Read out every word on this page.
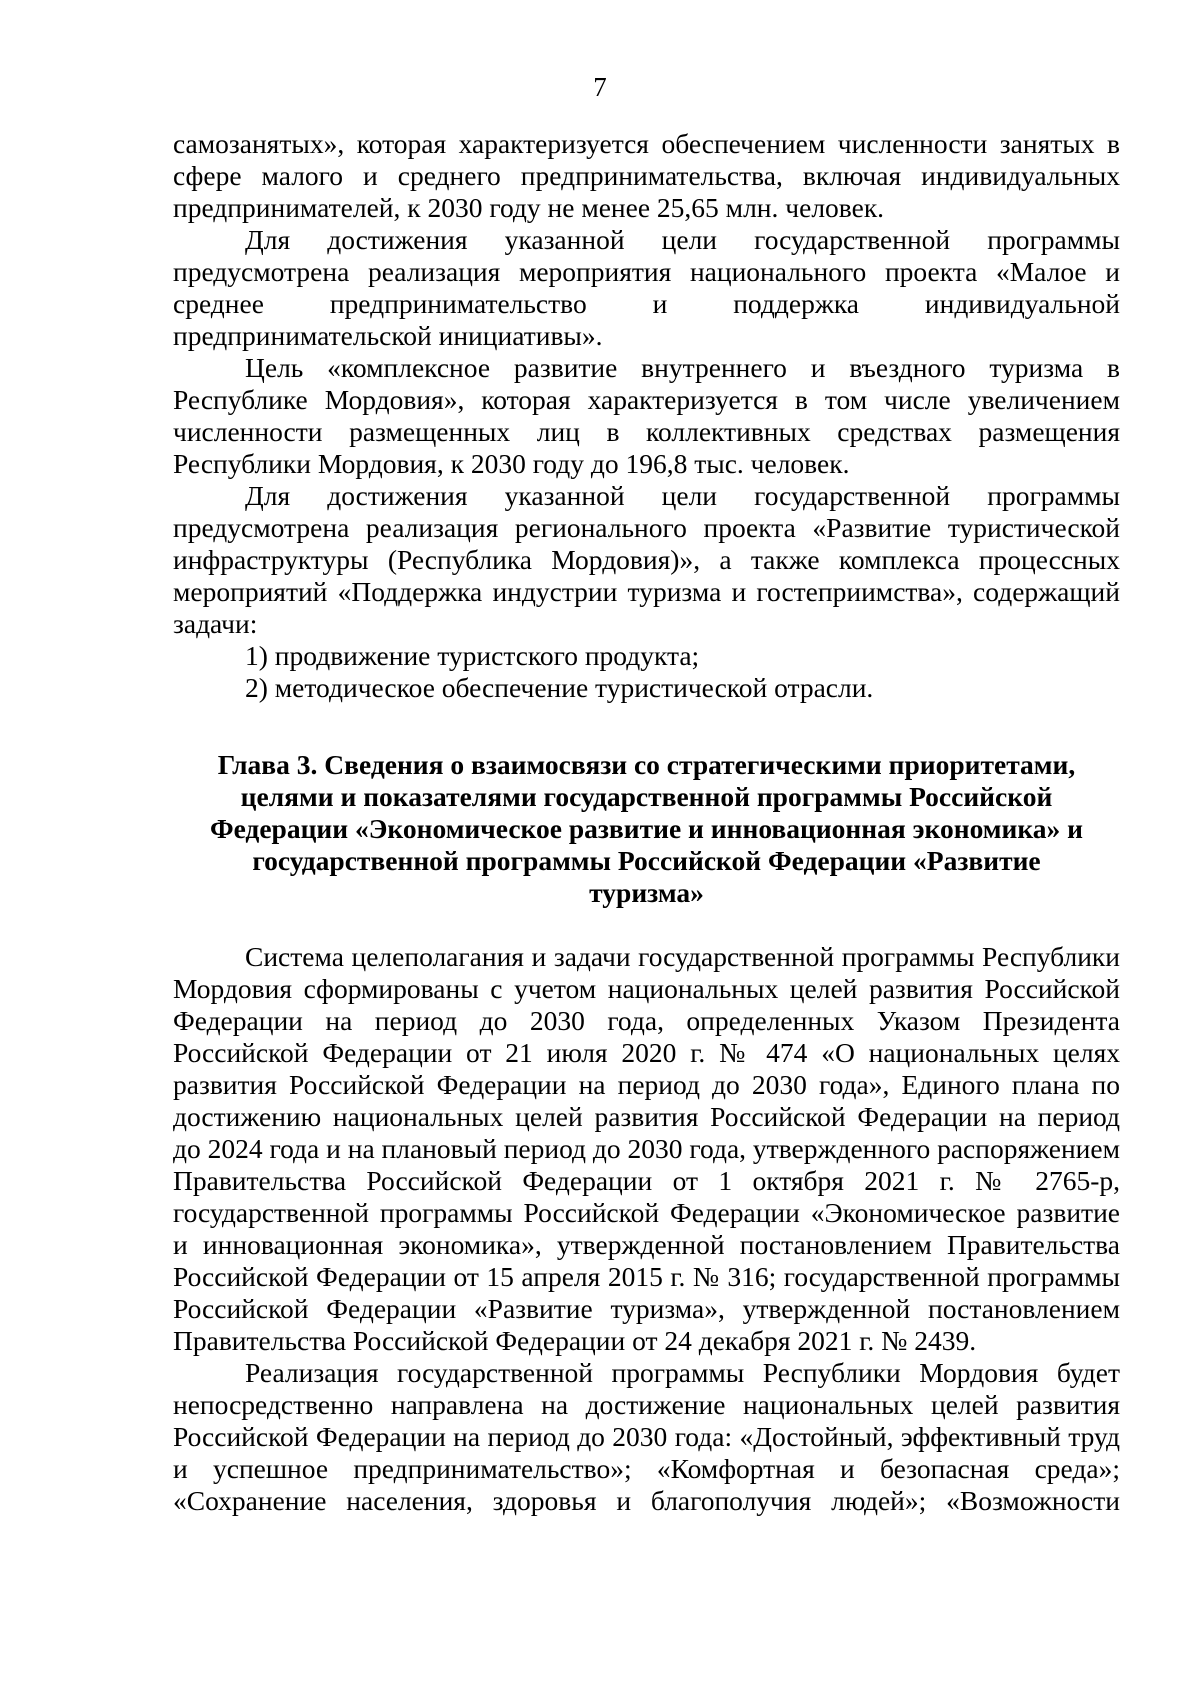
7

самозанятых», которая характеризуется обеспечением численности занятых в сфере малого и среднего предпринимательства, включая индивидуальных предпринимателей, к 2030 году не менее 25,65 млн. человек.

Для достижения указанной цели государственной программы предусмотрена реализация мероприятия национального проекта «Малое и среднее предпринимательство и поддержка индивидуальной предпринимательской инициативы».

Цель «комплексное развитие внутреннего и въездного туризма в Республике Мордовия», которая характеризуется в том числе увеличением численности размещенных лиц в коллективных средствах размещения Республики Мордовия, к 2030 году до 196,8 тыс. человек.

Для достижения указанной цели государственной программы предусмотрена реализация регионального проекта «Развитие туристической инфраструктуры (Республика Мордовия)», а также комплекса процессных мероприятий «Поддержка индустрии туризма и гостеприимства», содержащий задачи:

1) продвижение туристского продукта;

2) методическое обеспечение туристической отрасли.

Глава 3. Сведения о взаимосвязи со стратегическими приоритетами, целями и показателями государственной программы Российской Федерации «Экономическое развитие и инновационная экономика» и государственной программы Российской Федерации «Развитие туризма»

Система целеполагания и задачи государственной программы Республики Мордовия сформированы с учетом национальных целей развития Российской Федерации на период до 2030 года, определенных Указом Президента Российской Федерации от 21 июля 2020 г. № 474 «О национальных целях развития Российской Федерации на период до 2030 года», Единого плана по достижению национальных целей развития Российской Федерации на период до 2024 года и на плановый период до 2030 года, утвержденного распоряжением Правительства Российской Федерации от 1 октября 2021 г. № 2765-р, государственной программы Российской Федерации «Экономическое развитие и инновационная экономика», утвержденной постановлением Правительства Российской Федерации от 15 апреля 2015 г. № 316; государственной программы Российской Федерации «Развитие туризма», утвержденной постановлением Правительства Российской Федерации от 24 декабря 2021 г. № 2439.

Реализация государственной программы Республики Мордовия будет непосредственно направлена на достижение национальных целей развития Российской Федерации на период до 2030 года: «Достойный, эффективный труд и успешное предпринимательство»; «Комфортная и безопасная среда»; «Сохранение населения, здоровья и благополучия людей»; «Возможности
